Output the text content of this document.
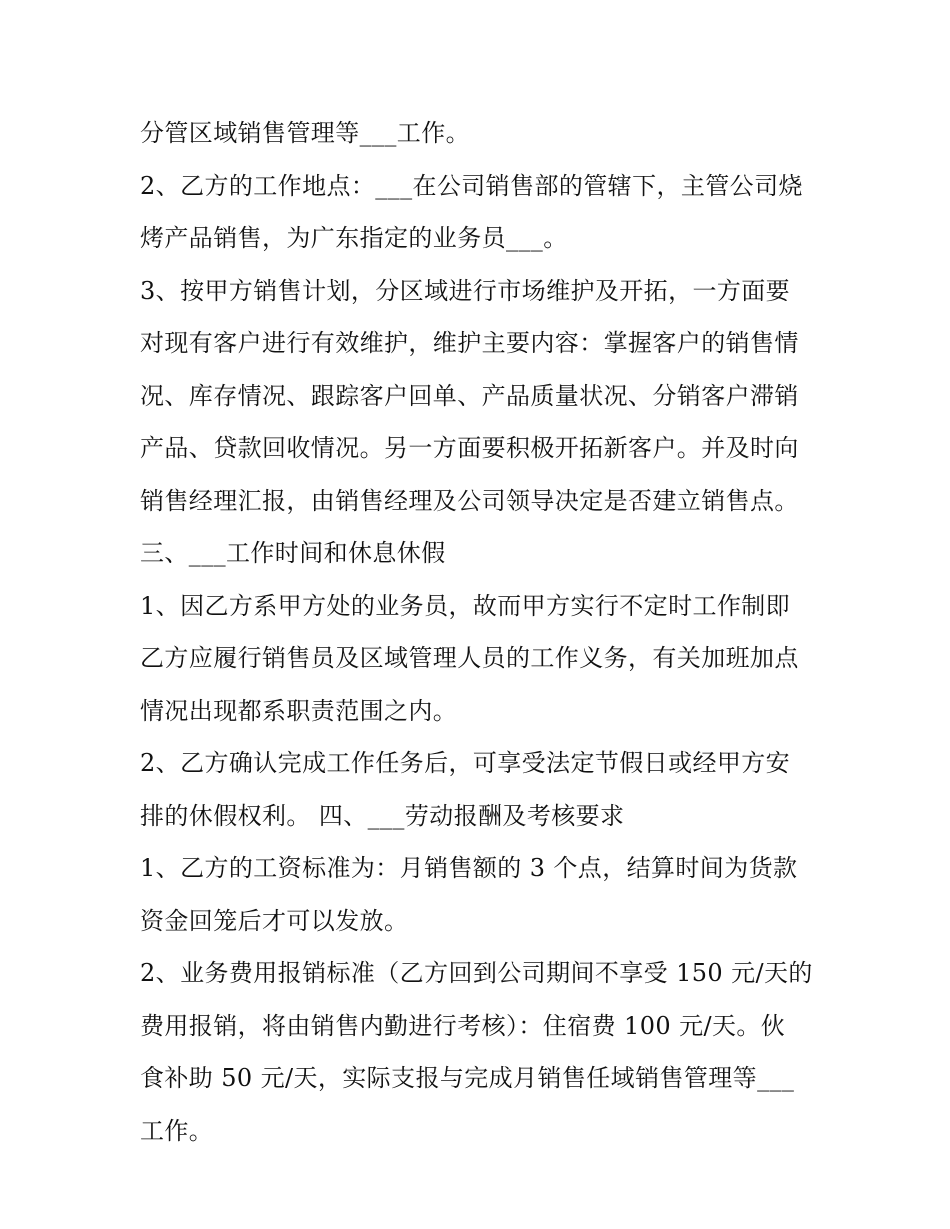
分管区域销售管理等___工作。
2、乙方的工作地点：___在公司销售部的管辖下，主管公司烧
烤产品销售，为广东指定的业务员___。
3、按甲方销售计划，分区域进行市场维护及开拓，一方面要
对现有客户进行有效维护，维护主要内容：掌握客户的销售情
况、库存情况、跟踪客户回单、产品质量状况、分销客户滞销
产品、贷款回收情况。另一方面要积极开拓新客户。并及时向
销售经理汇报，由销售经理及公司领导决定是否建立销售点。
三、___工作时间和休息休假
1、因乙方系甲方处的业务员，故而甲方实行不定时工作制即
乙方应履行销售员及区域管理人员的工作义务，有关加班加点
情况出现都系职责范围之内。
2、乙方确认完成工作任务后，可享受法定节假日或经甲方安
排的休假权利。 四、___劳动报酬及考核要求
1、乙方的工资标准为：月销售额的 3 个点，结算时间为货款
资金回笼后才可以发放。
2、业务费用报销标准（乙方回到公司期间不享受 150 元/天的
费用报销，将由销售内勤进行考核）：住宿费 100 元/天。伙
食补助 50 元/天，实际支报与完成月销售任域销售管理等___
工作。
